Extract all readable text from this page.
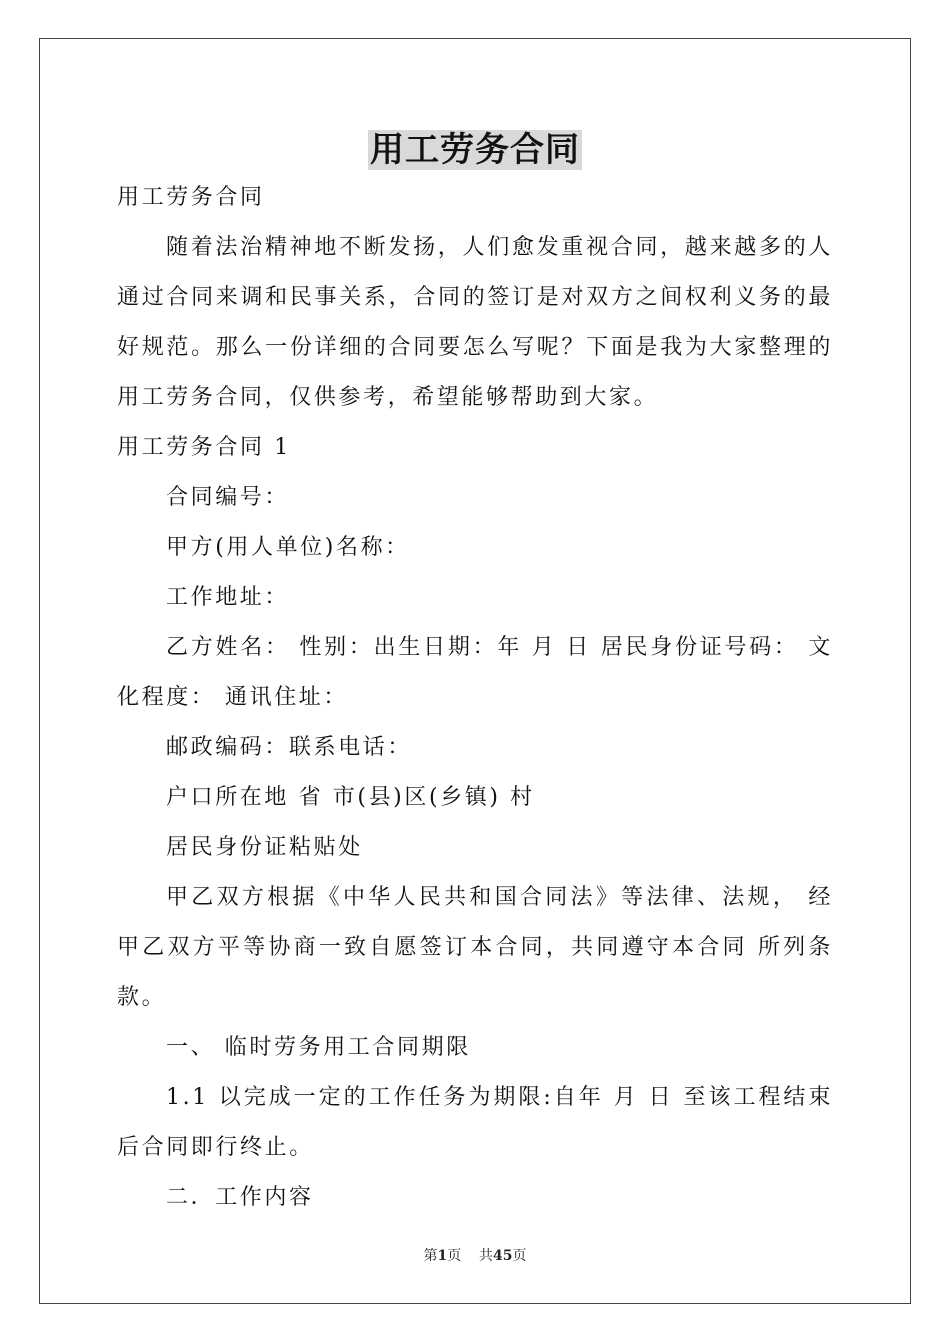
用工劳务合同

用工劳务合同

随着法治精神地不断发扬，人们愈发重视合同，越来越多的人通过合同来调和民事关系，合同的签订是对双方之间权利义务的最好规范。那么一份详细的合同要怎么写呢？下面是我为大家整理的用工劳务合同，仅供参考，希望能够帮助到大家。

用工劳务合同 1

合同编号：

甲方(用人单位)名称：

工作地址：

乙方姓名： 性别：出生日期：年 月 日 居民身份证号码： 文化程度： 通讯住址：

邮政编码：联系电话：

户口所在地 省 市(县)区(乡镇) 村

居民身份证粘贴处

甲乙双方根据《中华人民共和国合同法》等法律、法规， 经甲乙双方平等协商一致自愿签订本合同，共同遵守本合同 所列条款。

一、 临时劳务用工合同期限

1.1 以完成一定的工作任务为期限:自年 月 日 至该工程结束后合同即行终止。

二．工作内容

第1页 共45页
